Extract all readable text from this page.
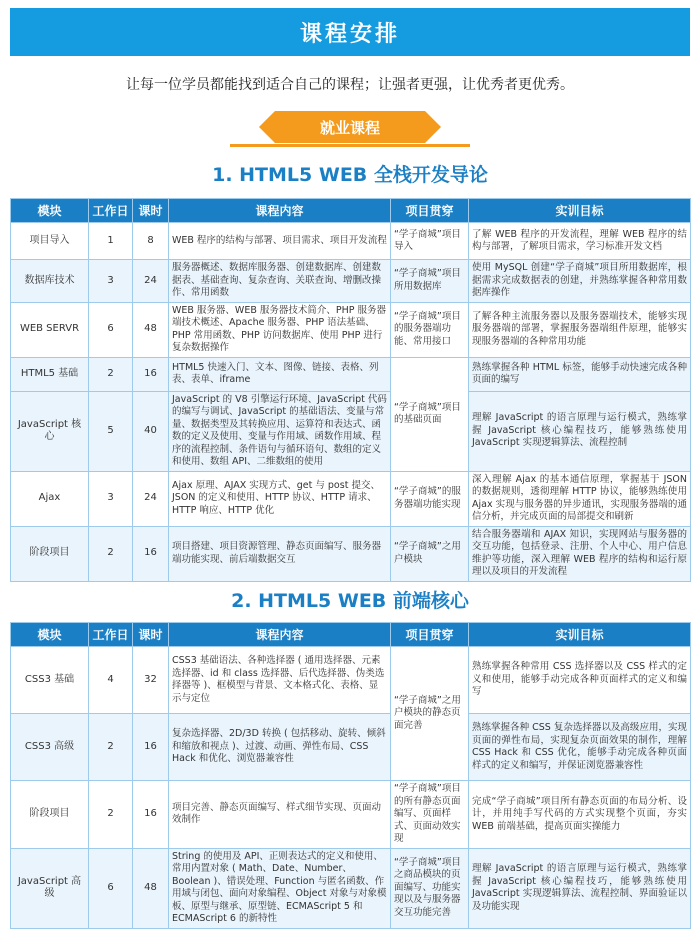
课程安排
让每一位学员都能找到适合自己的课程；让强者更强，让优秀者更优秀。
就业课程
1. HTML5 WEB 全栈开发导论
模块	工作日	课时	课程内容	项目贯穿	实训目标
项目导入	1	8	WEB 程序的结构与部署、项目需求、项目开发流程	“学子商城”项目导入	了解 WEB 程序的开发流程，理解 WEB 程序的结构与部署，了解项目需求，学习标准开发文档
数据库技术	3	24	服务器概述、数据库服务器、创建数据库、创建数据表、基础查询、复杂查询、关联查询、增删改操作、常用函数	“学子商城”项目所用数据库	使用 MySQL 创建“学子商城”项目所用数据库，根据需求完成数据表的创建，并熟练掌握各种常用数据库操作
WEB SERVR	6	48	WEB 服务器、WEB 服务器技术简介、PHP 服务器端技术概述、Apache 服务器、PHP 语法基础、PHP 常用函数、PHP 访问数据库、使用 PHP 进行复杂数据操作	“学子商城”项目的服务器端功能、常用接口	了解各种主流服务器以及服务器端技术，能够实现服务器端的部署，掌握服务器端组件原理，能够实现服务器端的各种常用功能
HTML5 基础	2	16	HTML5 快速入门、文本、图像、链接、表格、列表、表单、iframe	“学子商城”项目的基础页面	熟练掌握各种 HTML 标签，能够手动快速完成各种页面的编写
JavaScript 核心	5	40	JavaScript 的 V8 引擎运行环境、JavaScript 代码的编写与调试、JavaScript 的基础语法、变量与常量、数据类型及其转换应用、运算符和表达式、函数的定义及使用、变量与作用域、函数作用域、程序的流程控制、条件语句与循环语句、数组的定义和使用、数组 API、二维数组的使用		理解 JavaScript 的语言原理与运行模式，熟练掌握 JavaScript 核心编程技巧，能够熟练使用 JavaScript 实现逻辑算法、流程控制
Ajax	3	24	Ajax 原理、AJAX 实现方式、get 与 post 提交、JSON 的定义和使用、HTTP 协议、HTTP 请求、HTTP 响应、HTTP 优化	“学子商城”的服务器端功能实现	深入理解 Ajax 的基本通信原理，掌握基于 JSON 的数据规则，透彻理解 HTTP 协议，能够熟练使用 Ajax 实现与服务器的异步通讯，实现服务器端的通信分析，并完成页面的局部提交和刷新
阶段项目	2	16	项目搭建、项目资源管理、静态页面编写、服务器端功能实现、前后端数据交互	“学子商城”之用户模块	结合服务器端和 AJAX 知识，实现网站与服务器的交互功能，包括登录、注册、个人中心、用户信息维护等功能，深入理解 WEB 程序的结构和运行原理以及项目的开发流程
2. HTML5 WEB 前端核心
模块	工作日	课时	课程内容	项目贯穿	实训目标
CSS3 基础	4	32	CSS3 基础语法、各种选择器 ( 通用选择器、元素选择器、id 和 class 选择器、后代选择器、伪类选择器等 )、框模型与背景、文本格式化、表格、显示与定位	“学子商城”之用户模块的静态页面完善	熟练掌握各种常用 CSS 选择器以及 CSS 样式的定义和使用，能够手动完成各种页面样式的定义和编写
CSS3 高级	2	16	复杂选择器、2D/3D 转换 ( 包括移动、旋转、倾斜和缩放和视点 )、过渡、动画、弹性布局、CSS Hack 和优化、浏览器兼容性		熟练掌握各种 CSS 复杂选择器以及高级应用，实现页面的弹性布局，实现复杂页面效果的制作，理解 CSS Hack 和 CSS 优化，能够手动完成各种页面样式的定义和编写，并保证浏览器兼容性
阶段项目	2	16	项目完善、静态页面编写、样式细节实现、页面动效制作	“学子商城”项目的所有静态页面编写、页面样式、页面动效实现	完成“学子商城”项目所有静态页面的布局分析、设计，并用纯手写代码的方式实现整个页面，夯实 WEB 前端基础，提高页面实操能力
JavaScript 高级	6	48	String 的使用及 API、正则表达式的定义和使用、常用内置对象 ( Math、Date、Number、Boolean )、错误处理、Function 与匿名函数、作用域与闭包、面向对象编程、Object 对象与对象模板、原型与继承、原型链、ECMAScript 5 和 ECMAScript 6 的新特性	“学子商城”项目之商品模块的页面编写、功能实现以及与服务器交互功能完善	理解 JavaScript 的语言原理与运行模式，熟练掌握 JavaScript 核心编程技巧，能够熟练使用 JavaScript 实现逻辑算法、流程控制、界面验证以及功能实现
